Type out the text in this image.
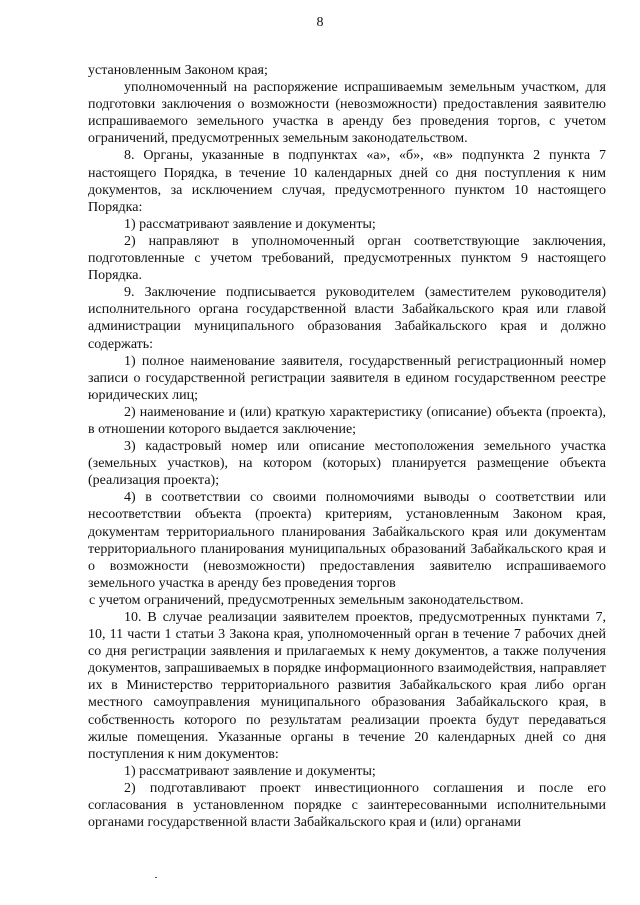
8

установленным Законом края;

уполномоченный на распоряжение испрашиваемым земельным участком, для подготовки заключения о возможности (невозможности) предоставления заявителю испрашиваемого земельного участка в аренду без проведения торгов, с учетом ограничений, предусмотренных земельным законодательством.

8. Органы, указанные в подпунктах «а», «б», «в» подпункта 2 пункта 7 настоящего Порядка, в течение 10 календарных дней со дня поступления к ним документов, за исключением случая, предусмотренного пунктом 10 настоящего Порядка:

1) рассматривают заявление и документы;

2) направляют в уполномоченный орган соответствующие заключения, подготовленные с учетом требований, предусмотренных пунктом 9 настоящего Порядка.

9. Заключение подписывается руководителем (заместителем руководителя) исполнительного органа государственной власти Забайкальского края или главой администрации муниципального образования Забайкальского края и должно содержать:

1) полное наименование заявителя, государственный регистрационный номер записи о государственной регистрации заявителя в едином государственном реестре юридических лиц;

2) наименование и (или) краткую характеристику (описание) объекта (проекта), в отношении которого выдается заключение;

3) кадастровый номер или описание местоположения земельного участка (земельных участков), на котором (которых) планируется размещение объекта (реализация проекта);

4) в соответствии со своими полномочиями выводы о соответствии или несоответствии объекта (проекта) критериям, установленным Законом края, документам территориального планирования Забайкальского края или документам территориального планирования муниципальных образований Забайкальского края и о возможности (невозможности) предоставления заявителю испрашиваемого земельного участка в аренду без проведения торгов

с учетом ограничений, предусмотренных земельным законодательством.

10. В случае реализации заявителем проектов, предусмотренных пунктами 7, 10, 11 части 1 статьи 3 Закона края, уполномоченный орган в течение 7 рабочих дней со дня регистрации заявления и прилагаемых к нему документов, а также получения документов, запрашиваемых в порядке информационного взаимодействия, направляет их в Министерство территориального развития Забайкальского края либо орган местного самоуправления муниципального образования Забайкальского края, в собственность которого по результатам реализации проекта будут передаваться жилые помещения. Указанные органы в течение 20 календарных дней со дня поступления к ним документов:

1) рассматривают заявление и документы;

2) подготавливают проект инвестиционного соглашения и после его согласования в установленном порядке с заинтересованными исполнительными органами государственной власти Забайкальского края и (или) органами
